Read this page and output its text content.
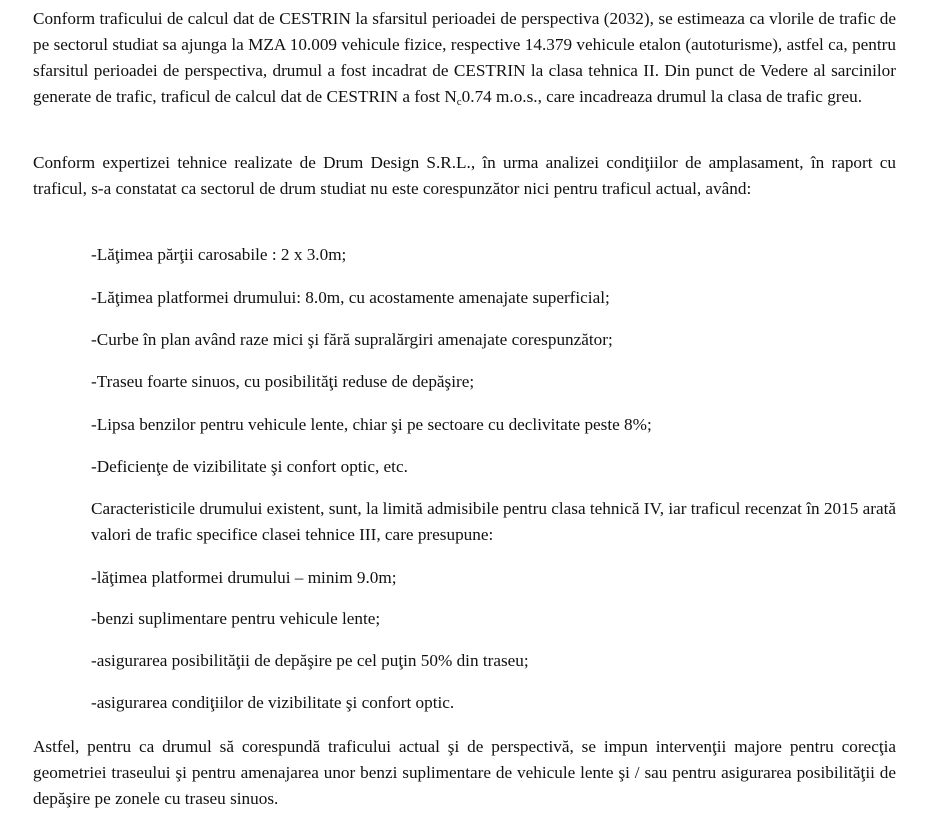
Conform traficului de calcul dat de CESTRIN la sfarsitul perioadei de perspectiva (2032), se estimeaza ca vlorile de trafic de pe sectorul studiat sa ajunga la MZA 10.009 vehicule fizice, respective 14.379 vehicule etalon (autoturisme), astfel ca, pentru sfarsitul perioadei de perspectiva, drumul a fost incadrat de CESTRIN la clasa tehnica II. Din punct de Vedere al sarcinilor generate de trafic, traficul de calcul dat de CESTRIN a fost Nc0.74 m.o.s., care incadreaza drumul la clasa de trafic greu.

Conform expertizei tehnice realizate de Drum Design S.R.L., în urma analizei condiţiilor de amplasament, în raport cu traficul, s-a constatat ca sectorul de drum studiat nu este corespunzător nici pentru traficul actual, având:

-Lăţimea părţii carosabile : 2 x 3.0m;

-Lăţimea platformei drumului: 8.0m, cu acostamente amenajate superficial;

-Curbe în plan având raze mici şi fără supralărgiri amenajate corespunzător;

-Traseu foarte sinuos, cu posibilităţi reduse de depăşire;

-Lipsa benzilor pentru vehicule lente, chiar şi pe sectoare cu declivitate peste 8%;

-Deficienţe de vizibilitate şi confort optic, etc.

Caracteristicile drumului existent, sunt, la limită admisibile pentru clasa tehnică IV, iar traficul recenzat în 2015 arată valori de trafic specifice clasei tehnice III, care presupune:

-lăţimea platformei drumului – minim 9.0m;

-benzi suplimentare pentru vehicule lente;

-asigurarea posibilităţii de depăşire pe cel puţin 50% din traseu;

-asigurarea condiţiilor de vizibilitate şi confort optic.

Astfel, pentru ca drumul să corespundă traficului actual şi de perspectivă, se impun intervenţii majore pentru corecţia geometriei traseului şi pentru amenajarea unor benzi suplimentare de vehicule lente şi / sau pentru asigurarea posibilităţii de depăşire pe zonele cu traseu sinuos.
